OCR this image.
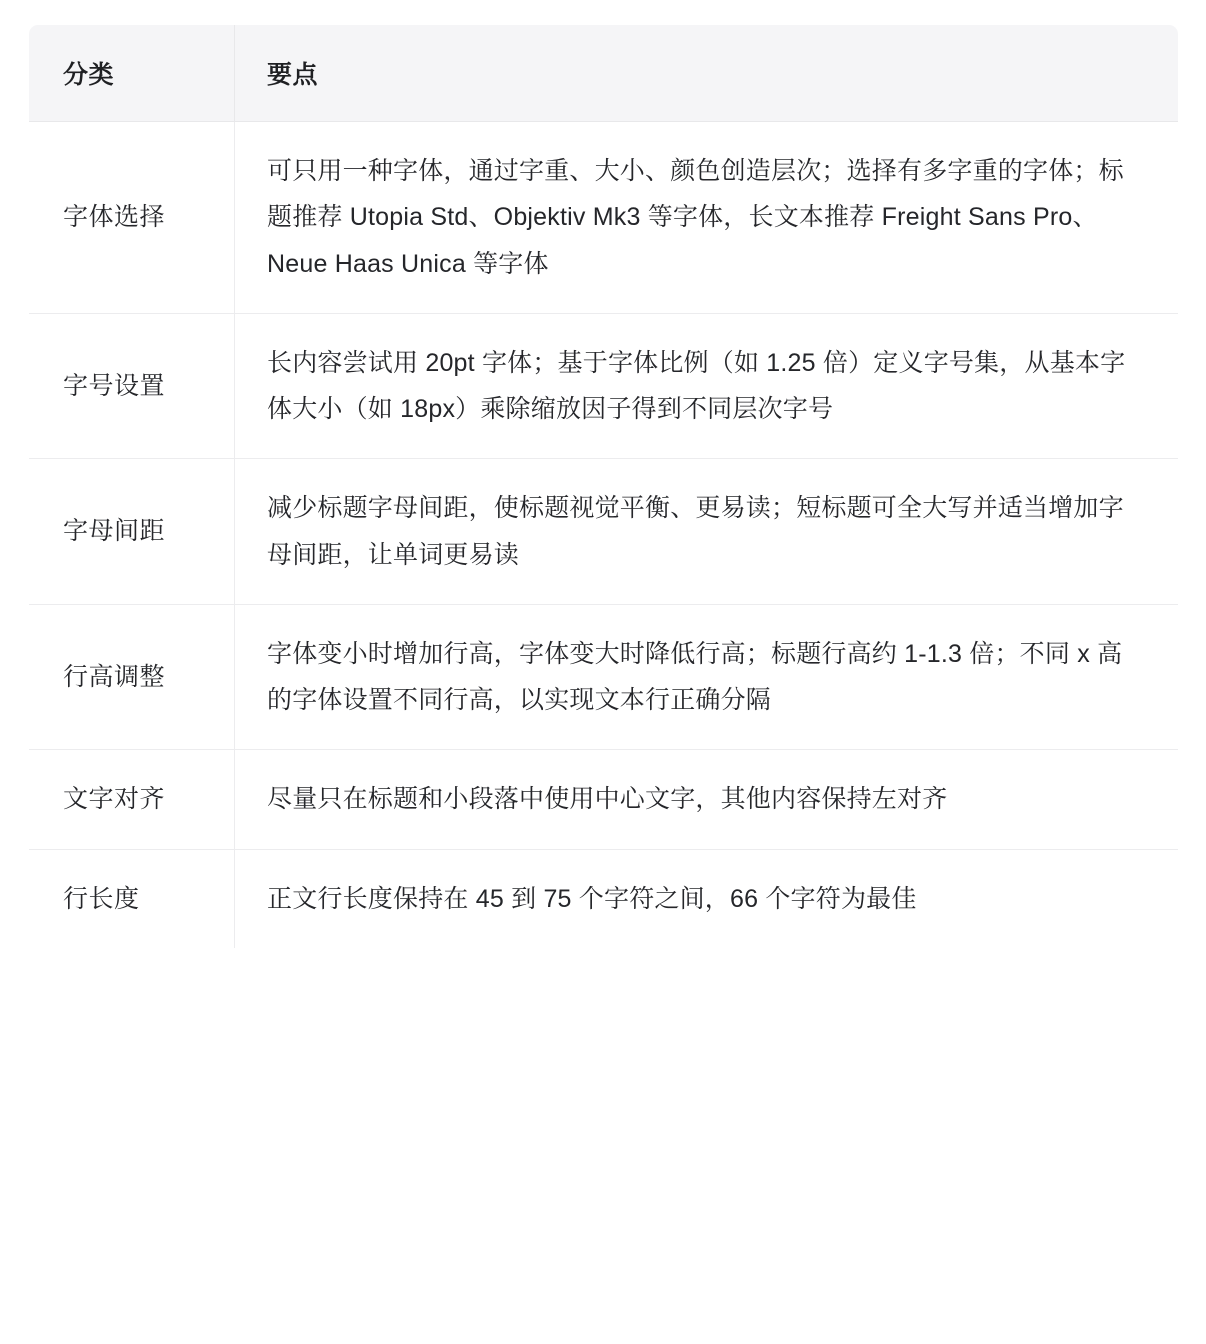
分类	要点
字体选择	可只用一种字体，通过字重、大小、颜色创造层次；选择有多字重的字体；标题推荐 Utopia Std、Objektiv Mk3 等字体，长文本推荐 Freight Sans Pro、Neue Haas Unica 等字体
字号设置	长内容尝试用 20pt 字体；基于字体比例（如 1.25 倍）定义字号集，从基本字体大小（如 18px）乘除缩放因子得到不同层次字号
字母间距	减少标题字母间距，使标题视觉平衡、更易读；短标题可全大写并适当增加字母间距，让单词更易读
行高调整	字体变小时增加行高，字体变大时降低行高；标题行高约 1-1.3 倍；不同 x 高的字体设置不同行高，以实现文本行正确分隔
文字对齐	尽量只在标题和小段落中使用中心文字，其他内容保持左对齐
行长度	正文行长度保持在 45 到 75 个字符之间，66 个字符为最佳
